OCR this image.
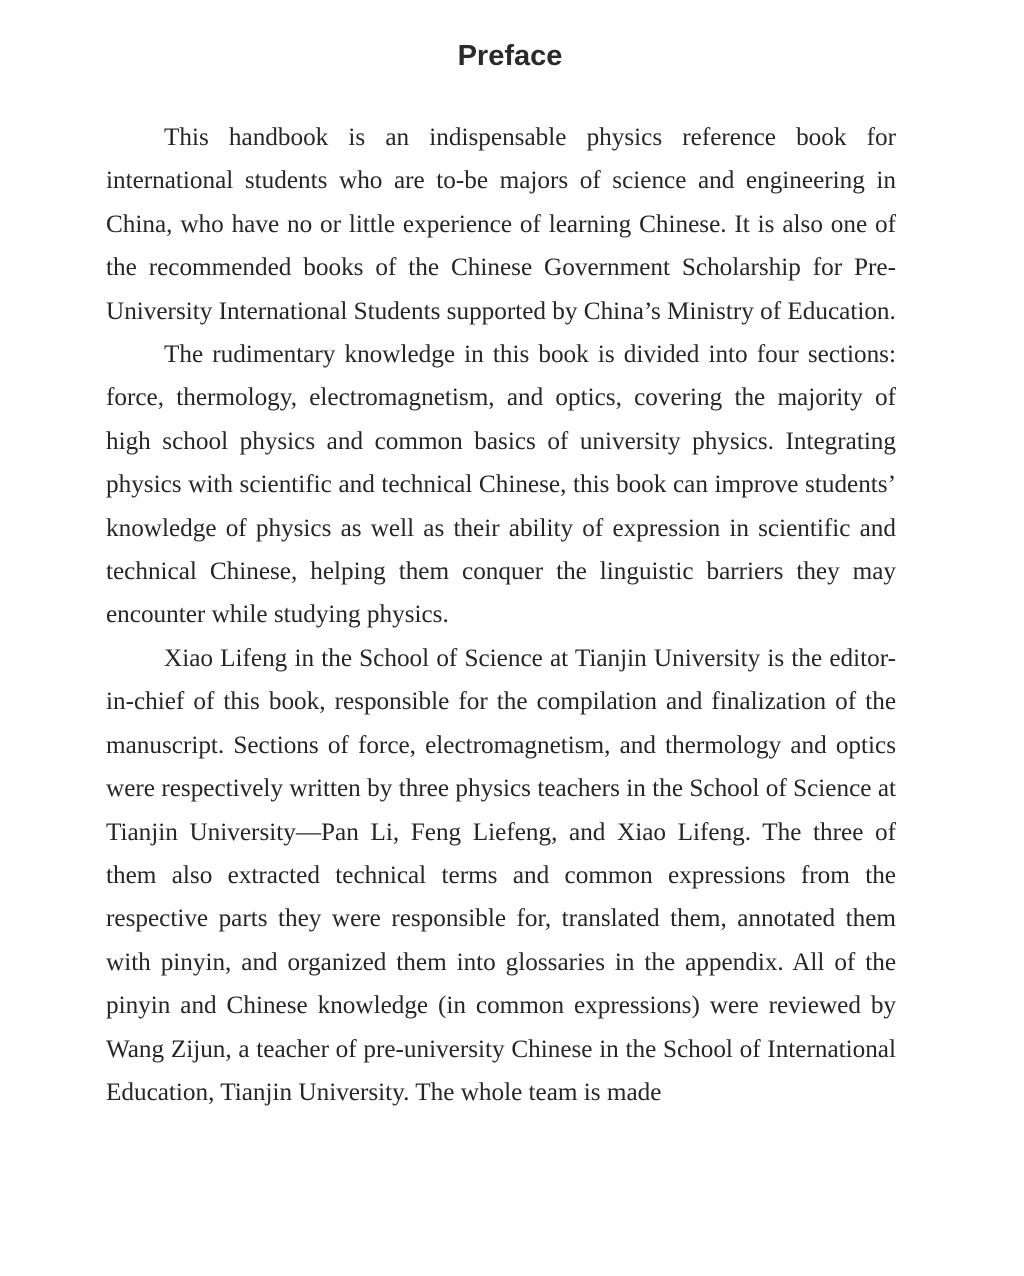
Preface

This handbook is an indispensable physics reference book for international students who are to-be majors of science and engineering in China, who have no or little experience of learning Chinese. It is also one of the recommended books of the Chinese Government Scholarship for Pre-University International Students supported by China’s Ministry of Education.

The rudimentary knowledge in this book is divided into four sections: force, thermology, electromagnetism, and optics, covering the majority of high school physics and common basics of university physics. Integrating physics with scientific and technical Chinese, this book can improve students’ knowledge of physics as well as their ability of expression in scientific and technical Chinese, helping them conquer the linguistic barriers they may encounter while studying physics.

Xiao Lifeng in the School of Science at Tianjin University is the editor-in-chief of this book, responsible for the compilation and finalization of the manuscript. Sections of force, electromagnetism, and thermology and optics were respectively written by three physics teachers in the School of Science at Tianjin University—Pan Li, Feng Liefeng, and Xiao Lifeng. The three of them also extracted technical terms and common expressions from the respective parts they were responsible for, translated them, annotated them with pinyin, and organized them into glossaries in the appendix. All of the pinyin and Chinese knowledge (in common expressions) were reviewed by Wang Zijun, a teacher of pre-university Chinese in the School of International Education, Tianjin University. The whole team is made
